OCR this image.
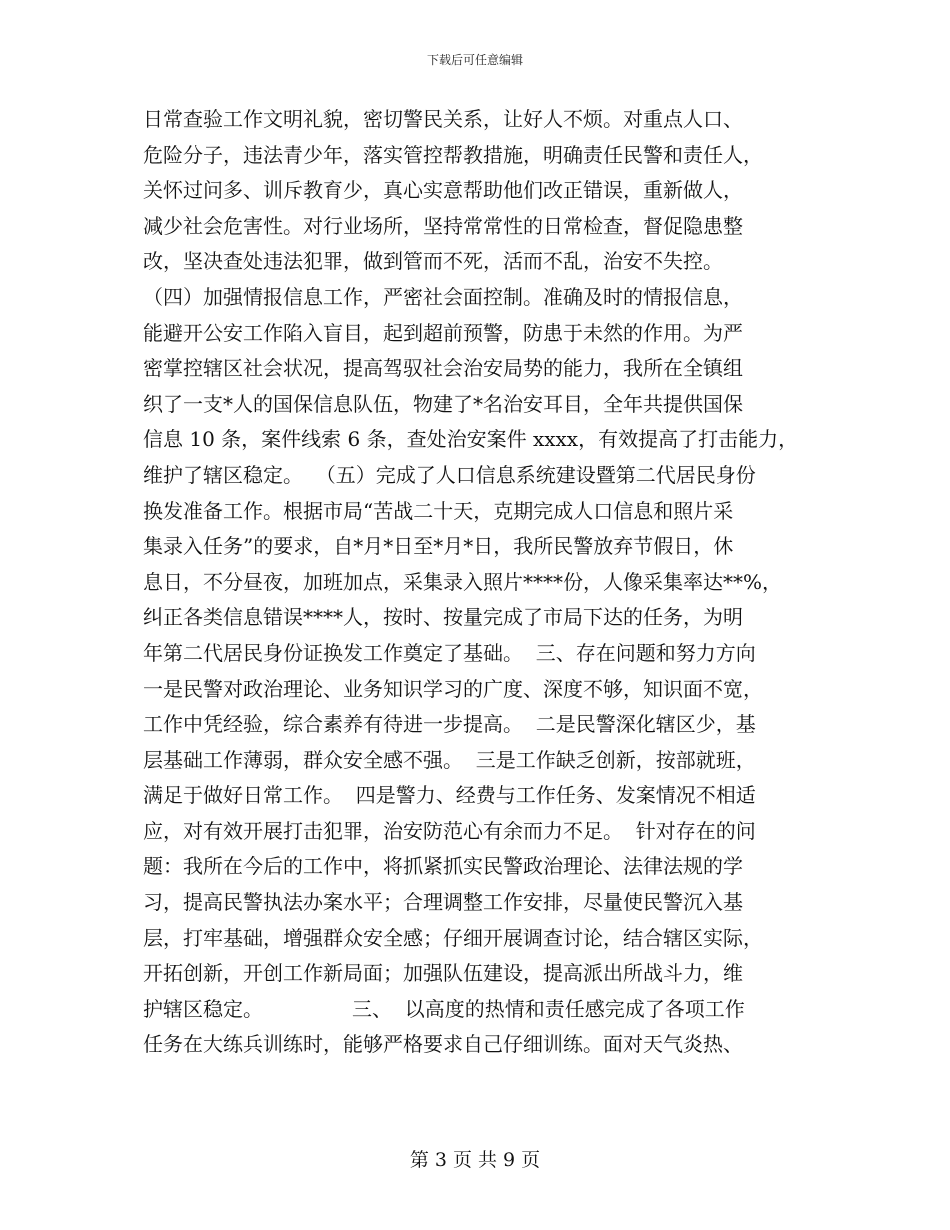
下载后可任意编辑
日常查验工作文明礼貌，密切警民关系，让好人不烦。对重点人口、
危险分子，违法青少年，落实管控帮教措施，明确责任民警和责任人，
关怀过问多、训斥教育少，真心实意帮助他们改正错误，重新做人，
减少社会危害性。对行业场所，坚持常常性的日常检查，督促隐患整
改，坚决查处违法犯罪，做到管而不死，活而不乱，治安不失控。
（四）加强情报信息工作，严密社会面控制。准确及时的情报信息，
能避开公安工作陷入盲目，起到超前预警，防患于未然的作用。为严
密掌控辖区社会状况，提高驾驭社会治安局势的能力，我所在全镇组
织了一支*人的国保信息队伍，物建了*名治安耳目，全年共提供国保
信息 10 条，案件线索 6 条，查处治安案件 xxxx，有效提高了打击能力，
维护了辖区稳定。  （五）完成了人口信息系统建设暨第二代居民身份
换发准备工作。根据市局“苦战二十天，克期完成人口信息和照片采
集录入任务”的要求，自*月*日至*月*日，我所民警放弃节假日，休
息日，不分昼夜，加班加点，采集录入照片****份，人像采集率达**%，
纠正各类信息错误****人，按时、按量完成了市局下达的任务，为明
年第二代居民身份证换发工作奠定了基础。  三、存在问题和努力方向
一是民警对政治理论、业务知识学习的广度、深度不够，知识面不宽，
工作中凭经验，综合素养有待进一步提高。  二是民警深化辖区少，基
层基础工作薄弱，群众安全感不强。  三是工作缺乏创新，按部就班，
满足于做好日常工作。  四是警力、经费与工作任务、发案情况不相适
应，对有效开展打击犯罪，治安防范心有余而力不足。  针对存在的问
题：我所在今后的工作中，将抓紧抓实民警政治理论、法律法规的学
习，提高民警执法办案水平；合理调整工作安排，尽量使民警沉入基
层，打牢基础，增强群众安全感；仔细开展调查讨论，结合辖区实际，
开拓创新，开创工作新局面；加强队伍建设，提高派出所战斗力，维
护辖区稳定。              三、  以高度的热情和责任感完成了各项工作
任务在大练兵训练时，能够严格要求自己仔细训练。面对天气炎热、
第 3 页 共 9 页
